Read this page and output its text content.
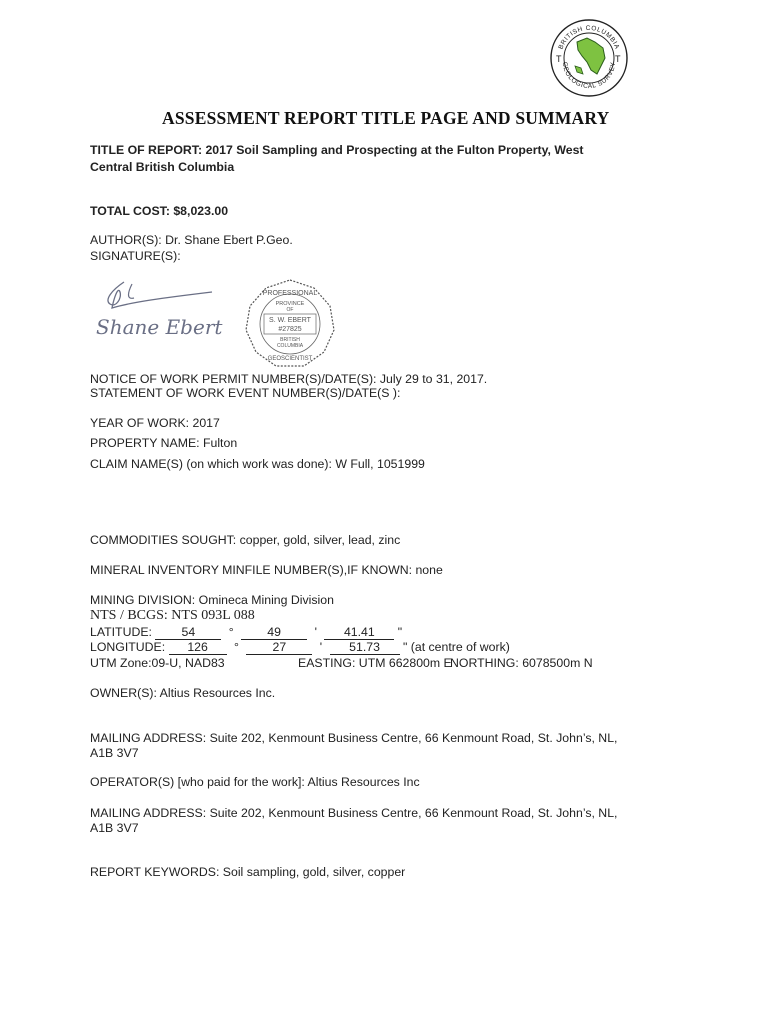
BRITISH COLUMBIA
GEOLOGICAL SURVEY
T	T
ASSESSMENT REPORT TITLE PAGE AND SUMMARY
TITLE OF REPORT: 2017 Soil Sampling and Prospecting at the Fulton Property, West
Central British Columbia
TOTAL COST: $8,023.00
AUTHOR(S): Dr. Shane Ebert P.Geo.
SIGNATURE(S):
Shane Ebert
PROFESSIONAL
PROVINCE
OF
S. W. EBERT
#27825
BRITISH
COLUMBIA
GEOSCIENTIST
NOTICE OF WORK PERMIT NUMBER(S)/DATE(S): July 29 to 31, 2017.
STATEMENT OF WORK EVENT NUMBER(S)/DATE(S ):
YEAR OF WORK: 2017
PROPERTY NAME: Fulton
CLAIM NAME(S) (on which work was done): W Full, 1051999
COMMODITIES SOUGHT: copper, gold, silver, lead, zinc
MINERAL INVENTORY MINFILE NUMBER(S),IF KNOWN: none
MINING DIVISION: Omineca Mining Division
NTS / BCGS: NTS 093L 088
LATITUDE: 54	°	49	' 41.41 "
LONGITUDE: 126 °	27	' 51.73 " (at centre of work)
UTM Zone:09-U, NAD83	EASTING: UTM 662800m E
NORTHING: 6078500m N
OWNER(S): Altius Resources Inc.
MAILING ADDRESS: Suite 202, Kenmount Business Centre, 66 Kenmount Road, St. John’s, NL,
A1B 3V7
OPERATOR(S) [who paid for the work]: Altius Resources Inc
MAILING ADDRESS: Suite 202, Kenmount Business Centre, 66 Kenmount Road, St. John’s, NL,
A1B 3V7
REPORT KEYWORDS: Soil sampling, gold, silver, copper
